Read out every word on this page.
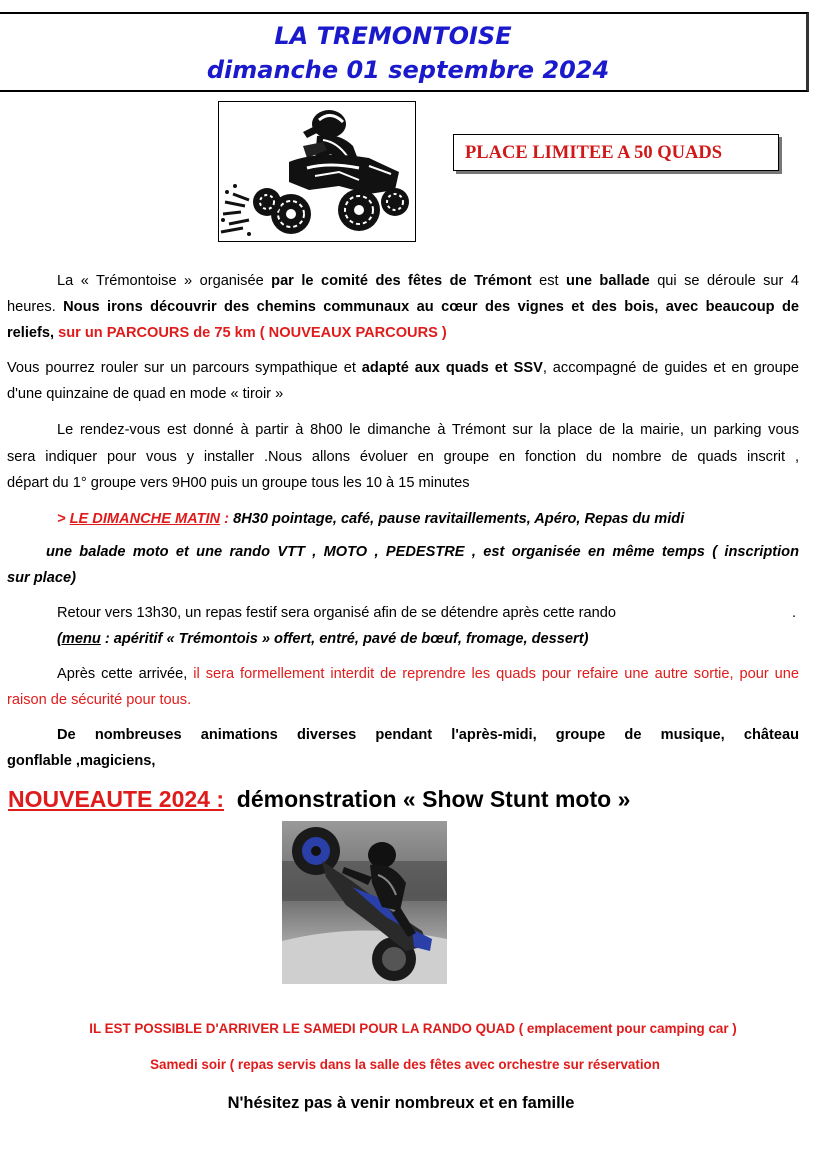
LA TREMONTOISE
dimanche 01 septembre 2024
PLACE LIMITEE A 50 QUADS

La « Trémontoise » organisée par le comité des fêtes de Trémont est une ballade qui se déroule sur 4

heures. Nous irons découvrir des chemins communaux au cœur des vignes et des bois, avec beaucoup de

reliefs, sur un PARCOURS de 75 km ( NOUVEAUX PARCOURS )

Vous pourrez rouler sur un parcours sympathique et adapté aux quads et SSV, accompagné de guides et en groupe

d'une quinzaine de quad en mode « tiroir »

Le rendez-vous est donné à partir à 8h00 le dimanche à Trémont sur la place de la mairie, un parking vous

sera indiquer pour vous y installer .Nous allons évoluer en groupe en fonction du nombre de quads inscrit ,

départ du 1° groupe vers 9H00 puis un groupe tous les 10 à 15 minutes

> LE DIMANCHE MATIN : 8H30 pointage, café, pause ravitaillements, Apéro, Repas du midi

une balade moto et une rando VTT , MOTO , PEDESTRE , est organisée en même temps ( inscription

sur place)

Retour vers 13h30, un repas festif sera organisé afin de se détendre après cette rando	.

(menu : apéritif « Trémontois » offert, entré, pavé de bœuf, fromage, dessert)

Après cette arrivée, il sera formellement interdit de reprendre les quads pour refaire une autre sortie, pour une

raison de sécurité pour tous.

De nombreuses animations diverses pendant l'après-midi, groupe de musique, château

gonflable ,magiciens,

NOUVEAUTE 2024 : démonstration « Show Stunt moto »
IL EST POSSIBLE D'ARRIVER LE SAMEDI POUR LA RANDO QUAD ( emplacement pour camping car )
Samedi soir ( repas servis dans la salle des fêtes avec orchestre sur réservation
N'hésitez pas à venir nombreux et en famille
